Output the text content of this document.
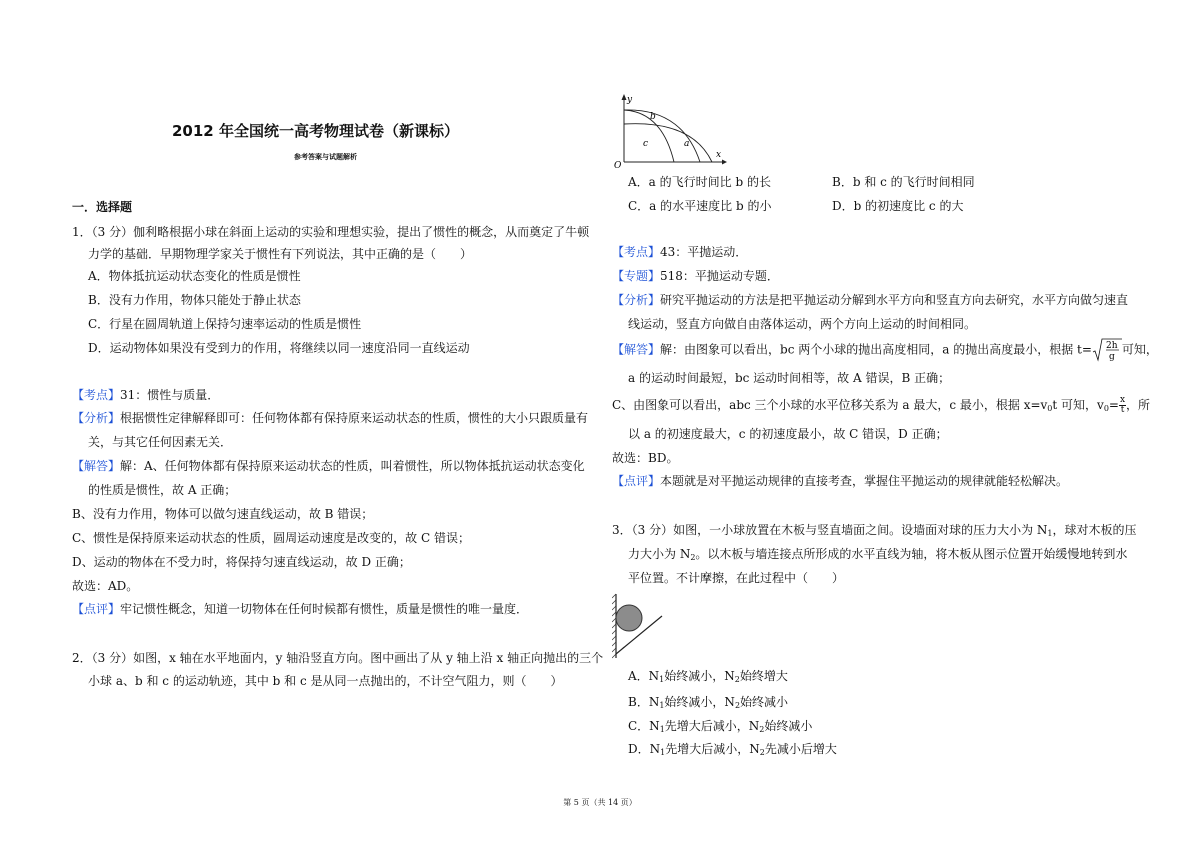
2012 年全国统一高考物理试卷（新课标）
参考答案与试题解析
一．选择题
1．（3 分）伽利略根据小球在斜面上运动的实验和理想实验，提出了惯性的概念，从而奠定了牛顿
力学的基础．早期物理学家关于惯性有下列说法，其中正确的是（　　）
A．物体抵抗运动状态变化的性质是惯性
B．没有力作用，物体只能处于静止状态
C．行星在圆周轨道上保持匀速率运动的性质是惯性
D．运动物体如果没有受到力的作用，将继续以同一速度沿同一直线运动
【考点】31：惯性与质量．
【分析】根据惯性定律解释即可：任何物体都有保持原来运动状态的性质，惯性的大小只跟质量有
关，与其它任何因素无关．
【解答】解：A、任何物体都有保持原来运动状态的性质，叫着惯性，所以物体抵抗运动状态变化
的性质是惯性，故 A 正确；
B、没有力作用，物体可以做匀速直线运动，故 B 错误；
C、惯性是保持原来运动状态的性质，圆周运动速度是改变的，故 C 错误；
D、运动的物体在不受力时，将保持匀速直线运动，故 D 正确；
故选：AD。
【点评】牢记惯性概念，知道一切物体在任何时候都有惯性，质量是惯性的唯一量度．
2．（3 分）如图，x 轴在水平地面内，y 轴沿竖直方向。图中画出了从 y 轴上沿 x 轴正向抛出的三个
小球 a、b 和 c 的运动轨迹，其中 b 和 c 是从同一点抛出的，不计空气阻力，则（　　）
y
x
O
b
c	a
A．a 的飞行时间比 b 的长	B．b 和 c 的飞行时间相同
C．a 的水平速度比 b 的小	D．b 的初速度比 c 的大
【考点】43：平抛运动．
【专题】518：平抛运动专题．
【分析】研究平抛运动的方法是把平抛运动分解到水平方向和竖直方向去研究，水平方向做匀速直
线运动，竖直方向做自由落体运动，两个方向上运动的时间相同。
【解答】解：由图象可以看出，bc 两个小球的抛出高度相同，a 的抛出高度最小，根据 t= 2h
g
可知，
a 的运动时间最短，bc 运动时间相等，故 A 错误，B 正确；
C、由图象可以看出，abc 三个小球的水平位移关系为 a 最大，c 最小，根据 $x=v_0t$ 可知，$v_0= \frac{x}{t}$ ，所
以 a 的初速度最大，c 的初速度最小，故 C 错误，D 正确；
故选：BD。
【点评】本题就是对平抛运动规律的直接考查，掌握住平抛运动的规律就能轻松解决。
3．（3 分）如图，一小球放置在木板与竖直墙面之间。设墙面对球的压力大小为 $N_1$，球对木板的压
力大小为 $N_2$。以木板与墙连接点所形成的水平直线为轴，将木板从图示位置开始缓慢地转到水
平位置。不计摩擦，在此过程中（　　）
A．$N_1$始终减小，$N_2$始终增大
B．$N_1$始终减小，$N_2$始终减小
C．$N_1$先增大后减小，$N_2$始终减小
D．$N_1$先增大后减小，$N_2$先减小后增大
第 5 页（共 14 页）
